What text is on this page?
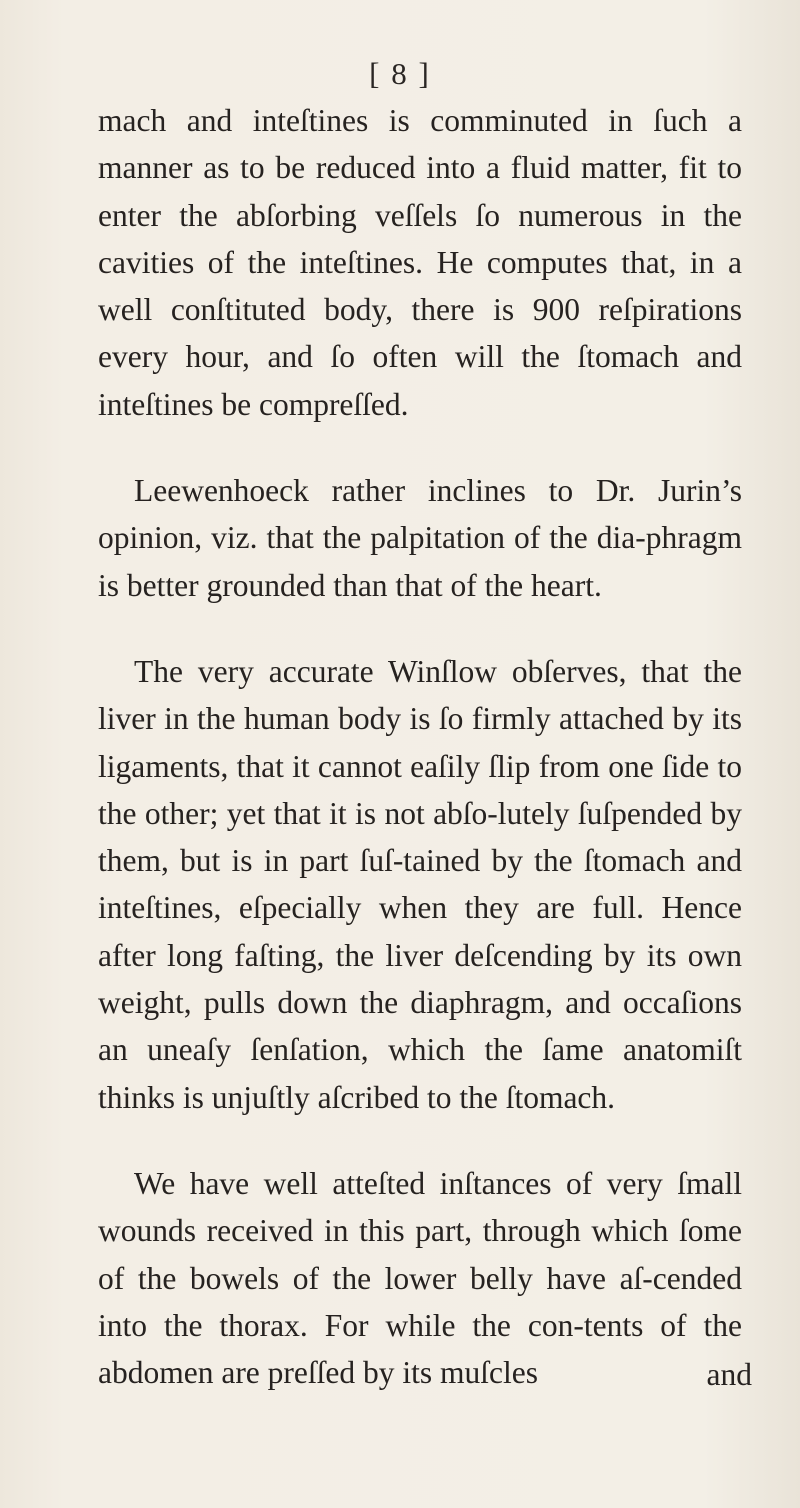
[ 8 ]

mach and inteſtines is comminuted in ſuch a manner as to be reduced into a fluid matter, fit to enter the abſorbing veſſels ſo numerous in the cavities of the inteſtines. He computes that, in a well conſtituted body, there is 900 reſpirations every hour, and ſo often will the ſtomach and inteſtines be compreſſed.

Leewenhoeck rather inclines to Dr. Jurin’s opinion, viz. that the palpitation of the dia-phragm is better grounded than that of the heart.

The very accurate Winſlow obſerves, that the liver in the human body is ſo firmly attached by its ligaments, that it cannot eaſily ſlip from one ſide to the other; yet that it is not abſo-lutely ſuſpended by them, but is in part ſuſ-tained by the ſtomach and inteſtines, eſpecially when they are full. Hence after long faſting, the liver deſcending by its own weight, pulls down the diaphragm, and occaſions an uneaſy ſenſation, which the ſame anatomiſt thinks is unjuſtly aſcribed to the ſtomach.

We have well atteſted inſtances of very ſmall wounds received in this part, through which ſome of the bowels of the lower belly have aſ-cended into the thorax. For while the con-tents of the abdomen are preſſed by its muſcles	and
